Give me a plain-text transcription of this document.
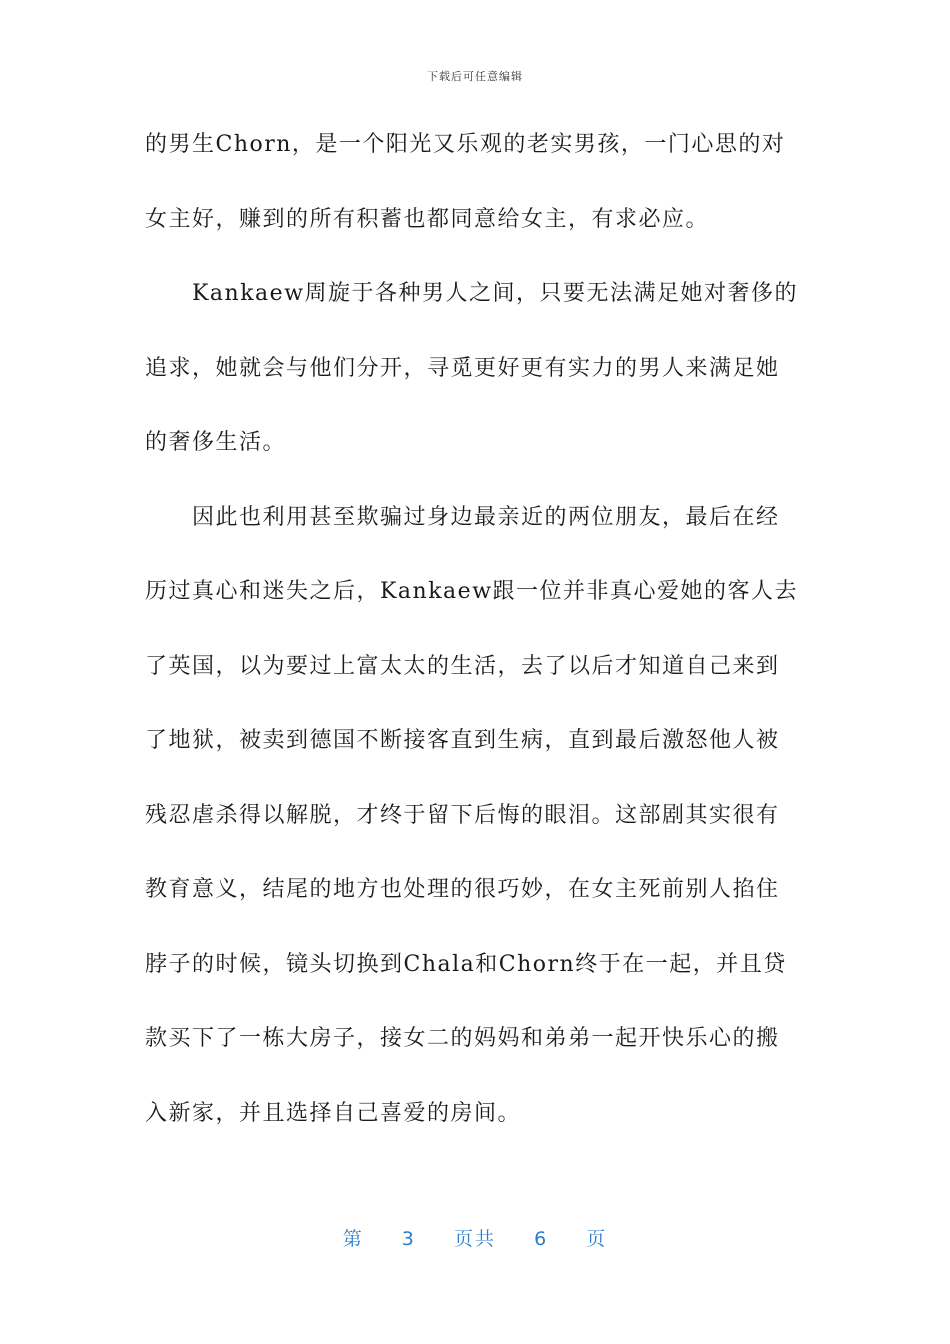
下载后可任意编辑
的男生Chorn，是一个阳光又乐观的老实男孩，一门心思的对
女主好，赚到的所有积蓄也都同意给女主，有求必应。
　　Kankaew周旋于各种男人之间，只要无法满足她对奢侈的
追求，她就会与他们分开，寻觅更好更有实力的男人来满足她
的奢侈生活。
　　因此也利用甚至欺骗过身边最亲近的两位朋友，最后在经
历过真心和迷失之后，Kankaew跟一位并非真心爱她的客人去
了英国，以为要过上富太太的生活，去了以后才知道自己来到
了地狱，被卖到德国不断接客直到生病，直到最后激怒他人被
残忍虐杀得以解脱，才终于留下后悔的眼泪。这部剧其实很有
教育意义，结尾的地方也处理的很巧妙，在女主死前别人掐住
脖子的时候，镜头切换到Chala和Chorn终于在一起，并且贷
款买下了一栋大房子，接女二的妈妈和弟弟一起开快乐心的搬
入新家，并且选择自己喜爱的房间。
第 3 页共 6 页
